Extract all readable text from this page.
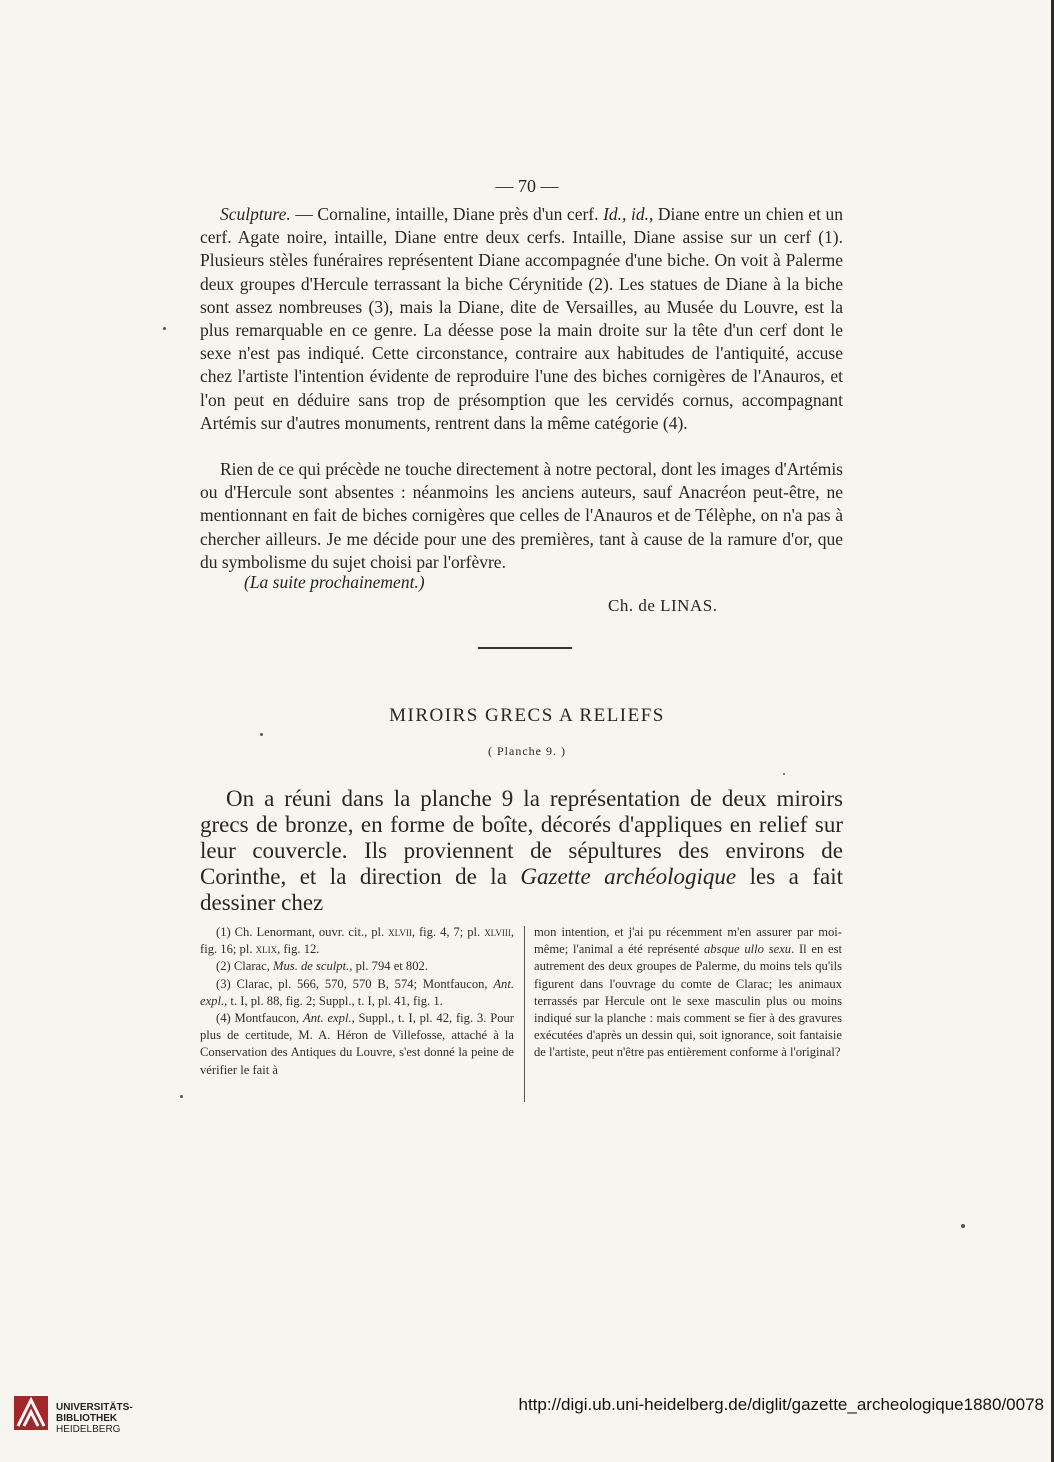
— 70 —
Sculpture. — Cornaline, intaille, Diane près d'un cerf. Id., id., Diane entre un chien et un cerf. Agate noire, intaille, Diane entre deux cerfs. Intaille, Diane assise sur un cerf (1). Plusieurs stèles funéraires représentent Diane accompagnée d'une biche. On voit à Palerme deux groupes d'Hercule terrassant la biche Cérynitide (2). Les statues de Diane à la biche sont assez nombreuses (3), mais la Diane, dite de Versailles, au Musée du Louvre, est la plus remarquable en ce genre. La déesse pose la main droite sur la tête d'un cerf dont le sexe n'est pas indiqué. Cette circonstance, contraire aux habitudes de l'antiquité, accuse chez l'artiste l'intention évidente de reproduire l'une des biches cornigères de l'Anauros, et l'on peut en déduire sans trop de présomption que les cervidés cornus, accompagnant Artémis sur d'autres monuments, rentrent dans la même catégorie (4).
Rien de ce qui précède ne touche directement à notre pectoral, dont les images d'Artémis ou d'Hercule sont absentes : néanmoins les anciens auteurs, sauf Anacréon peut-être, ne mentionnant en fait de biches cornigères que celles de l'Anauros et de Télèphe, on n'a pas à chercher ailleurs. Je me décide pour une des premières, tant à cause de la ramure d'or, que du symbolisme du sujet choisi par l'orfèvre.
(La suite prochainement.)
Ch. de LINAS.
MIROIRS GRECS A RELIEFS
( Planche 9. )
On a réuni dans la planche 9 la représentation de deux miroirs grecs de bronze, en forme de boîte, décorés d'appliques en relief sur leur couvercle. Ils proviennent de sépultures des environs de Corinthe, et la direction de la Gazette archéologique les a fait dessiner chez

(1) Ch. Lenormant, ouvr. cit., pl. xlvii, fig. 4, 7; pl. xlviii, fig. 16; pl. xlix, fig. 12.

(2) Clarac, Mus. de sculpt., pl. 794 et 802.

(3) Clarac, pl. 566, 570, 570 B, 574; Montfaucon, Ant. expl., t. I, pl. 88, fig. 2; Suppl., t. I, pl. 41, fig. 1.

(4) Montfaucon, Ant. expl., Suppl., t. I, pl. 42, fig. 3. Pour plus de certitude, M. A. Héron de Villefosse, attaché à la Conservation des Antiques du Louvre, s'est donné la peine de vérifier le fait à

mon intention, et j'ai pu récemment m'en assurer par moi-même; l'animal a été représenté absque ullo sexu. Il en est autrement des deux groupes de Palerme, du moins tels qu'ils figurent dans l'ouvrage du comte de Clarac; les animaux terrassés par Hercule ont le sexe masculin plus ou moins indiqué sur la planche : mais comment se fier à des gravures exécutées d'après un dessin qui, soit ignorance, soit fantaisie de l'artiste, peut n'être pas entièrement conforme à l'original?

UNIVERSITÄTS-
BIBLIOTHEK
HEIDELBERG
http://digi.ub.uni-heidelberg.de/diglit/gazette_archeologique1880/0078
